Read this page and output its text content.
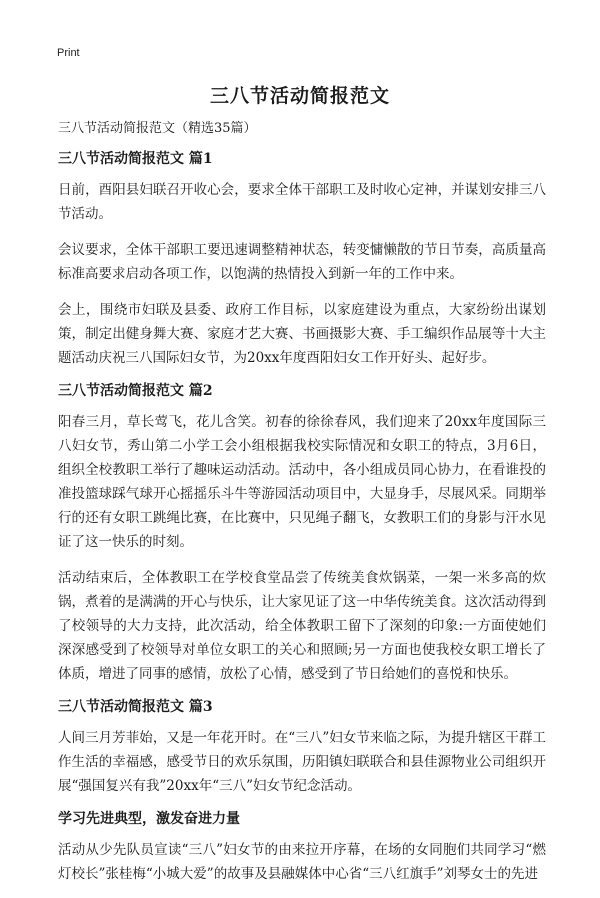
Print
三八节活动简报范文

三八节活动简报范文（精选35篇）

三八节活动简报范文 篇1

日前，酉阳县妇联召开收心会，要求全体干部职工及时收心定神，并谋划安排三八节活动。

会议要求，全体干部职工要迅速调整精神状态，转变慵懒散的节日节奏，高质量高标准高要求启动各项工作，以饱满的热情投入到新一年的工作中来。

会上，围绕市妇联及县委、政府工作目标，以家庭建设为重点，大家纷纷出谋划策，制定出健身舞大赛、家庭才艺大赛、书画摄影大赛、手工编织作品展等十大主题活动庆祝三八国际妇女节，为20xx年度酉阳妇女工作开好头、起好步。

三八节活动简报范文 篇2

阳春三月，草长莺飞，花儿含笑。初春的徐徐春风，我们迎来了20xx年度国际三八妇女节，秀山第二小学工会小组根据我校实际情况和女职工的特点，3月6日，组织全校教职工举行了趣味运动活动。活动中，各小组成员同心协力，在看谁投的准投篮球踩气球开心摇摇乐斗牛等游园活动项目中，大显身手，尽展风采。同期举行的还有女职工跳绳比赛，在比赛中，只见绳子翻飞，女教职工们的身影与汗水见证了这一快乐的时刻。

活动结束后，全体教职工在学校食堂品尝了传统美食炊锅菜，一架一米多高的炊锅，煮着的是满满的开心与快乐，让大家见证了这一中华传统美食。这次活动得到了校领导的大力支持，此次活动，给全体教职工留下了深刻的印象:一方面使她们深深感受到了校领导对单位女职工的关心和照顾;另一方面也使我校女职工增长了体质，增进了同事的感情，放松了心情，感受到了节日给她们的喜悦和快乐。

三八节活动简报范文 篇3

人间三月芳菲始，又是一年花开时。在“三八”妇女节来临之际，为提升辖区干群工作生活的幸福感，感受节日的欢乐氛围，历阳镇妇联联合和县佳源物业公司组织开展“强国复兴有我”20xx年“三八”妇女节纪念活动。

学习先进典型，激发奋进力量

活动从少先队员宣读“三八”妇女节的由来拉开序幕，在场的女同胞们共同学习“燃灯校长”张桂梅“小城大爱”的故事及县融媒体中心省“三八红旗手”刘琴女士的先进
